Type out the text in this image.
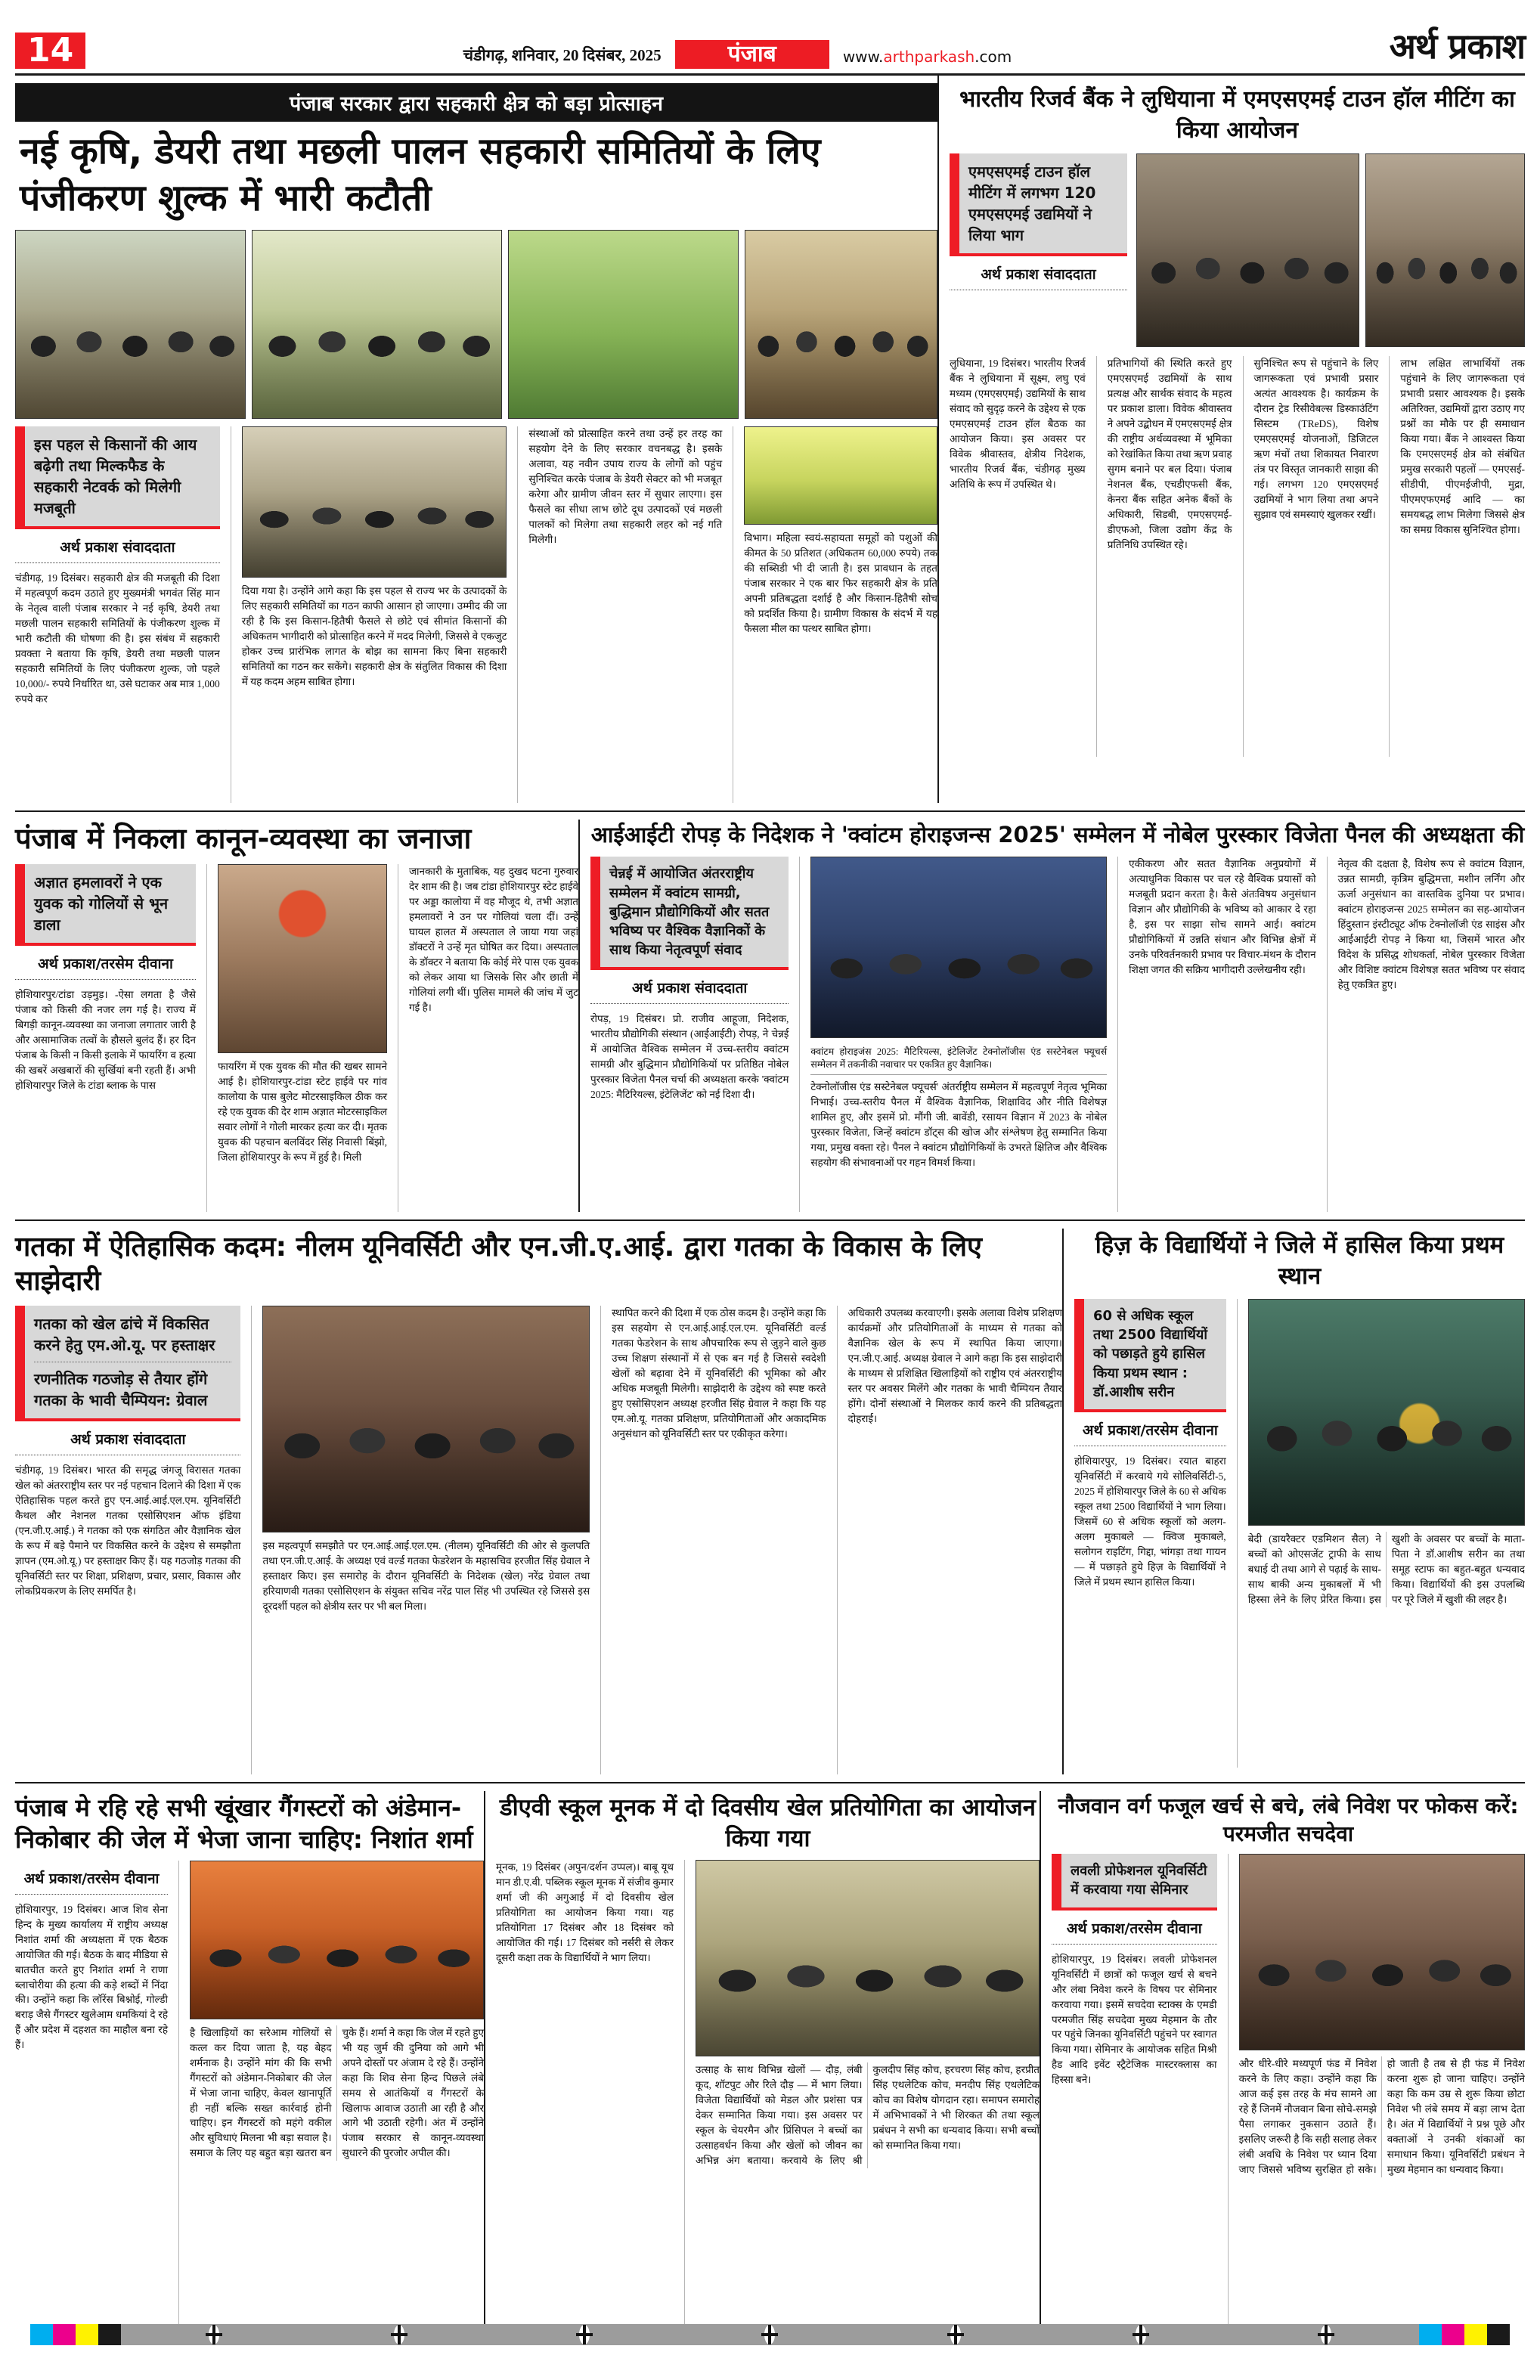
14	चंडीगढ़, शनिवार, 20 दिसंबर, 2025	पंजाब	www.arthparkash.com	अर्थ प्रकाश
पंजाब सरकार द्वारा सहकारी क्षेत्र को बड़ा प्रोत्साहन
नई कृषि, डेयरी तथा मछली पालन सहकारी समितियों के लिए पंजीकरण शुल्क में भारी कटौती
इस पहल से किसानों की आय बढ़ेगी तथा मिल्कफैड के सहकारी नेटवर्क को मिलेगी मजबूती
अर्थ प्रकाश संवाददाता
चंडीगढ़, 19 दिसंबर। सहकारी क्षेत्र की मजबूती की दिशा में महत्वपूर्ण कदम उठाते हुए मुख्यमंत्री भगवंत सिंह मान के नेतृत्व वाली पंजाब सरकार ने नई कृषि, डेयरी तथा मछली पालन सहकारी समितियों के पंजीकरण शुल्क में भारी कटौती की घोषणा की है। इस संबंध में सहकारी प्रवक्ता ने बताया कि कृषि, डेयरी तथा मछली पालन सहकारी समितियों के लिए पंजीकरण शुल्क, जो पहले 10,000/- रुपये निर्धारित था, उसे घटाकर अब मात्र 1,000 रुपये कर
दिया गया है। उन्होंने आगे कहा कि इस पहल से राज्य भर के उत्पादकों के लिए सहकारी समितियों का गठन काफी आसान हो जाएगा। उम्मीद की जा रही है कि इस किसान-हितैषी फैसले से छोटे एवं सीमांत किसानों की अधिकतम भागीदारी को प्रोत्साहित करने में मदद मिलेगी, जिससे वे एकजुट होकर उच्च प्रारंभिक लागत के बोझ का सामना किए बिना सहकारी समितियों का गठन कर सकेंगे। सहकारी क्षेत्र के संतुलित विकास की दिशा में यह कदम अहम साबित होगा।
संस्थाओं को प्रोत्साहित करने तथा उन्हें हर तरह का सहयोग देने के लिए सरकार वचनबद्ध है। इसके अलावा, यह नवीन उपाय राज्य के लोगों को पहुंच सुनिश्चित करके पंजाब के डेयरी सेक्टर को भी मजबूत करेगा और ग्रामीण जीवन स्तर में सुधार लाएगा। इस फैसले का सीधा लाभ छोटे दूध उत्पादकों एवं मछली पालकों को मिलेगा तथा सहकारी लहर को नई गति मिलेगी।	विभाग। महिला स्वयं-सहायता समूहों को पशुओं की कीमत के 50 प्रतिशत (अधिकतम 60,000 रुपये) तक की सब्सिडी भी दी जाती है। इस प्रावधान के तहत पंजाब सरकार ने एक बार फिर सहकारी क्षेत्र के प्रति अपनी प्रतिबद्धता दर्शाई है और किसान-हितैषी सोच को प्रदर्शित किया है। ग्रामीण विकास के संदर्भ में यह फैसला मील का पत्थर साबित होगा।
भारतीय रिजर्व बैंक ने लुधियाना में एमएसएमई टाउन हॉल मीटिंग का किया आयोजन
एमएसएमई टाउन हॉल मीटिंग में लगभग 120 एमएसएमई उद्यमियों ने लिया भाग
अर्थ प्रकाश संवाददाता
लुधियाना, 19 दिसंबर। भारतीय रिजर्व बैंक ने लुधियाना में सूक्ष्म, लघु एवं मध्यम (एमएसएमई) उद्यमियों के साथ संवाद को सुदृढ़ करने के उद्देश्य से एक एमएसएमई टाउन हॉल बैठक का आयोजन किया। इस अवसर पर विवेक श्रीवास्तव, क्षेत्रीय निदेशक, भारतीय रिजर्व बैंक, चंडीगढ़ मुख्य अतिथि के रूप में उपस्थित थे।
प्रतिभागियों की स्थिति करते हुए एमएसएमई उद्यमियों के साथ प्रत्यक्ष और सार्थक संवाद के महत्व पर प्रकाश डाला। विवेक श्रीवास्तव ने अपने उद्बोधन में एमएसएमई क्षेत्र की राष्ट्रीय अर्थव्यवस्था में भूमिका को रेखांकित किया तथा ऋण प्रवाह सुगम बनाने पर बल दिया। पंजाब नेशनल बैंक, एचडीएफसी बैंक, केनरा बैंक सहित अनेक बैंकों के अधिकारी, सिडबी, एमएसएमई-डीएफओ, जिला उद्योग केंद्र के प्रतिनिधि उपस्थित रहे।
सुनिश्चित रूप से पहुंचाने के लिए जागरूकता एवं प्रभावी प्रसार अत्यंत आवश्यक है। कार्यक्रम के दौरान ट्रेड रिसीवेबल्स डिस्काउंटिंग सिस्टम (TReDS), विशेष एमएसएमई योजनाओं, डिजिटल ऋण मंचों तथा शिकायत निवारण तंत्र पर विस्तृत जानकारी साझा की गई। लगभग 120 एमएसएमई उद्यमियों ने भाग लिया तथा अपने सुझाव एवं समस्याएं खुलकर रखीं।
लाभ लक्षित लाभार्थियों तक पहुंचाने के लिए जागरूकता एवं प्रभावी प्रसार आवश्यक है। इसके अतिरिक्त, उद्यमियों द्वारा उठाए गए प्रश्नों का मौके पर ही समाधान किया गया। बैंक ने आश्वस्त किया कि एमएसएमई क्षेत्र को संबंधित प्रमुख सरकारी पहलों — एमएसई-सीडीपी, पीएमईजीपी, मुद्रा, पीएमएफएमई आदि — का समयबद्ध लाभ मिलेगा जिससे क्षेत्र का समग्र विकास सुनिश्चित होगा।
पंजाब में निकला कानून-व्यवस्था का जनाजा
अज्ञात हमलावरों ने एक युवक को गोलियों से भून डाला
अर्थ प्रकाश/तरसेम दीवाना
होशियारपुर/टांडा उड़मुड़। -ऐसा लगता है जैसे पंजाब को किसी की नजर लग गई है। राज्य में बिगड़ी कानून-व्यवस्था का जनाजा लगातार जारी है और असामाजिक तत्वों के हौसले बुलंद हैं। हर दिन पंजाब के किसी न किसी इलाके में फायरिंग व हत्या की खबरें अखबारों की सुर्खियां बनी रहती हैं। अभी होशियारपुर जिले के टांडा ब्लाक के पास
फायरिंग में एक युवक की मौत की खबर सामने आई है। होशियारपुर-टांडा स्टेट हाईवे पर गांव कालोया के पास बुलेट मोटरसाइकिल ठीक कर रहे एक युवक की देर शाम अज्ञात मोटरसाइकिल सवार लोगों ने गोली मारकर हत्या कर दी। मृतक युवक की पहचान बलविंदर सिंह निवासी बिंझो, जिला होशियारपुर के रूप में हुई है। मिली
जानकारी के मुताबिक, यह दुखद घटना गुरुवार देर शाम की है। जब टांडा होशियारपुर स्टेट हाईवे पर अड्डा कालोया में वह मौजूद थे, तभी अज्ञात हमलावरों ने उन पर गोलियां चला दीं। उन्हें घायल हालत में अस्पताल ले जाया गया जहां डॉक्टरों ने उन्हें मृत घोषित कर दिया। अस्पताल के डॉक्टर ने बताया कि कोई मेरे पास एक युवक को लेकर आया था जिसके सिर और छाती में गोलियां लगी थीं। पुलिस मामले की जांच में जुट गई है।
आईआईटी रोपड़ के निदेशक ने 'क्वांटम होराइजन्स 2025' सम्मेलन में नोबेल पुरस्कार विजेता पैनल की अध्यक्षता की
चेन्नई में आयोजित अंतरराष्ट्रीय सम्मेलन में क्वांटम सामग्री, बुद्धिमान प्रौद्योगिकियों और सतत भविष्य पर वैश्विक वैज्ञानिकों के साथ किया नेतृत्वपूर्ण संवाद
अर्थ प्रकाश संवाददाता
रोपड़, 19 दिसंबर। प्रो. राजीव आहूजा, निदेशक, भारतीय प्रौद्योगिकी संस्थान (आईआईटी) रोपड़, ने चेन्नई में आयोजित वैश्विक सम्मेलन में उच्च-स्तरीय क्वांटम सामग्री और बुद्धिमान प्रौद्योगिकियों पर प्रतिष्ठित नोबेल पुरस्कार विजेता पैनल चर्चा की अध्यक्षता करके 'क्वांटम 2025: मैटिरियल्स, इंटेलिजेंट' को नई दिशा दी।
क्वांटम होराइजंस 2025: मैटिरियल्स, इंटेलिजेंट टेक्नोलॉजीस एंड सस्टेनेबल फ्यूचर्स सम्मेलन में तकनीकी नवाचार पर एकत्रित हुए वैज्ञानिक।
टेक्नोलॉजीस एंड सस्टेनेबल फ्यूचर्स' अंतर्राष्ट्रीय सम्मेलन में महत्वपूर्ण नेतृत्व भूमिका निभाई। उच्च-स्तरीय पैनल में वैश्विक वैज्ञानिक, शिक्षाविद और नीति विशेषज्ञ शामिल हुए, और इसमें प्रो. मौंगी जी. बावेंडी, रसायन विज्ञान में 2023 के नोबेल पुरस्कार विजेता, जिन्हें क्वांटम डॉट्स की खोज और संश्लेषण हेतु सम्मानित किया गया, प्रमुख वक्ता रहे। पैनल ने क्वांटम प्रौद्योगिकियों के उभरते क्षितिज और वैश्विक सहयोग की संभावनाओं पर गहन विमर्श किया।
एकीकरण और सतत वैज्ञानिक अनुप्रयोगों में अत्याधुनिक विकास पर चल रहे वैश्विक प्रयासों को मजबूती प्रदान करता है। कैसे अंतःविषय अनुसंधान विज्ञान और प्रौद्योगिकी के भविष्य को आकार दे रहा है, इस पर साझा सोच सामने आई। क्वांटम प्रौद्योगिकियों में उन्नति संधान और विभिन्न क्षेत्रों में उनके परिवर्तनकारी प्रभाव पर विचार-मंथन के दौरान शिक्षा जगत की सक्रिय भागीदारी उल्लेखनीय रही।
नेतृत्व की दक्षता है, विशेष रूप से क्वांटम विज्ञान, उन्नत सामग्री, कृत्रिम बुद्धिमत्ता, मशीन लर्निंग और ऊर्जा अनुसंधान का वास्तविक दुनिया पर प्रभाव। क्वांटम होराइजन्स 2025 सम्मेलन का सह-आयोजन हिंदुस्तान इंस्टीट्यूट ऑफ टेक्नोलॉजी एंड साइंस और आईआईटी रोपड़ ने किया था, जिसमें भारत और विदेश के प्रसिद्ध शोधकर्ता, नोबेल पुरस्कार विजेता और विशिष्ट क्वांटम विशेषज्ञ सतत भविष्य पर संवाद हेतु एकत्रित हुए।
गतका में ऐतिहासिक कदम: नीलम यूनिवर्सिटी और एन.जी.ए.आई. द्वारा गतका के विकास के लिए साझेदारी
गतका को खेल ढांचे में विकसित करने हेतु एम.ओ.यू. पर हस्ताक्षर
रणनीतिक गठजोड़ से तैयार होंगे गतका के भावी चैम्पियन: ग्रेवाल
अर्थ प्रकाश संवाददाता
चंडीगढ़, 19 दिसंबर। भारत की समृद्ध जंगजू विरासत गतका खेल को अंतरराष्ट्रीय स्तर पर नई पहचान दिलाने की दिशा में एक ऐतिहासिक पहल करते हुए एन.आई.आई.एल.एम. यूनिवर्सिटी कैथल और नेशनल गतका एसोसिएशन ऑफ इंडिया (एन.जी.ए.आई.) ने गतका को एक संगठित और वैज्ञानिक खेल के रूप में बड़े पैमाने पर विकसित करने के उद्देश्य से समझौता ज्ञापन (एम.ओ.यू.) पर हस्ताक्षर किए हैं। यह गठजोड़ गतका की यूनिवर्सिटी स्तर पर शिक्षा, प्रशिक्षण, प्रचार, प्रसार, विकास और लोकप्रियकरण के लिए समर्पित है।
इस महत्वपूर्ण समझौते पर एन.आई.आई.एल.एम. (नीलम) यूनिवर्सिटी की ओर से कुलपति तथा एन.जी.ए.आई. के अध्यक्ष एवं वर्ल्ड गतका फेडरेशन के महासचिव हरजीत सिंह ग्रेवाल ने हस्ताक्षर किए। इस समारोह के दौरान यूनिवर्सिटी के निदेशक (खेल) नरेंद्र ग्रेवाल तथा हरियाणवी गतका एसोसिएशन के संयुक्त सचिव नरेंद्र पाल सिंह भी उपस्थित रहे जिससे इस दूरदर्शी पहल को क्षेत्रीय स्तर पर भी बल मिला।
स्थापित करने की दिशा में एक ठोस कदम है। उन्होंने कहा कि इस सहयोग से एन.आई.आई.एल.एम. यूनिवर्सिटी वर्ल्ड गतका फेडरेशन के साथ औपचारिक रूप से जुड़ने वाले कुछ उच्च शिक्षण संस्थानों में से एक बन गई है जिससे स्वदेशी खेलों को बढ़ावा देने में यूनिवर्सिटी की भूमिका को और अधिक मजबूती मिलेगी। साझेदारी के उद्देश्य को स्पष्ट करते हुए एसोसिएशन अध्यक्ष हरजीत सिंह ग्रेवाल ने कहा कि यह एम.ओ.यू. गतका प्रशिक्षण, प्रतियोगिताओं और अकादमिक अनुसंधान को यूनिवर्सिटी स्तर पर एकीकृत करेगा।
अधिकारी उपलब्ध करवाएगी। इसके अलावा विशेष प्रशिक्षण कार्यक्रमों और प्रतियोगिताओं के माध्यम से गतका को वैज्ञानिक खेल के रूप में स्थापित किया जाएगा। एन.जी.ए.आई. अध्यक्ष ग्रेवाल ने आगे कहा कि इस साझेदारी के माध्यम से प्रशिक्षित खिलाड़ियों को राष्ट्रीय एवं अंतरराष्ट्रीय स्तर पर अवसर मिलेंगे और गतका के भावी चैम्पियन तैयार होंगे। दोनों संस्थाओं ने मिलकर कार्य करने की प्रतिबद्धता दोहराई।
हिज़ के विद्यार्थियों ने जिले में हासिल किया प्रथम स्थान
60 से अधिक स्कूल तथा 2500 विद्यार्थियों को पछाड़ते हुये हासिल किया प्रथम स्थान : डॉ.आशीष सरीन
अर्थ प्रकाश/तरसेम दीवाना
होशियारपुर, 19 दिसंबर। रयात बाहरा यूनिवर्सिटी में करवाये गये सोलिवर्सिटी-5, 2025 में होशियारपुर जिले के 60 से अधिक स्कूल तथा 2500 विद्यार्थियों ने भाग लिया। जिसमें 60 से अधिक स्कूलों को अलग-अलग मुकाबले — क्विज मुकाबले, सलोगन राइटिंग, गिद्दा, भांगड़ा तथा गायन — में पछाड़ते हुये हिज़ के विद्यार्थियों ने जिले में प्रथम स्थान हासिल किया।
बेदी (डायरैक्टर एडमिशन सैल) ने बच्चों को ओएसजेंट ट्राफी के साथ बधाई दी तथा आगे से पढ़ाई के साथ-साथ बाकी अन्य मुकाबलों में भी हिस्सा लेने के लिए प्रेरित किया। इस खुशी के अवसर पर बच्चों के माता-पिता ने डॉ.आशीष सरीन का तथा समूह स्टाफ का बहुत-बहुत धन्यवाद किया। विद्यार्थियों की इस उपलब्धि पर पूरे जिले में खुशी की लहर है।
पंजाब मे रहि रहे सभी खूंखार गैंगस्टरों को अंडेमान-निकोबार की जेल में भेजा जाना चाहिए: निशांत शर्मा
अर्थ प्रकाश/तरसेम दीवाना
होशियारपुर, 19 दिसंबर। आज शिव सेना हिन्द के मुख्य कार्यालय में राष्ट्रीय अध्यक्ष निशांत शर्मा की अध्यक्षता में एक बैठक आयोजित की गई। बैठक के बाद मीडिया से बातचीत करते हुए निशांत शर्मा ने राणा ब्लाचोरीया की हत्या की कड़े शब्दों में निंदा की। उन्होंने कहा कि लॉरेंस बिश्नोई, गोल्डी बराड़ जैसे गैंगस्टर खुलेआम धमकियां दे रहे हैं और प्रदेश में दहशत का माहौल बना रहे हैं।
है खिलाड़ियों का सरेआम गोलियों से कत्ल कर दिया जाता है, यह बेहद शर्मनाक है। उन्होंने मांग की कि सभी गैंगस्टरों को अंडेमान-निकोबार की जेल में भेजा जाना चाहिए, केवल खानापूर्ति ही नहीं बल्कि सख्त कार्रवाई होनी चाहिए। इन गैंगस्टरों को महंगे वकील और सुविधाएं मिलना भी बड़ा सवाल है। समाज के लिए यह बहुत बड़ा खतरा बन चुके हैं। शर्मा ने कहा कि जेल में रहते हुए भी यह जुर्म की दुनिया को आगे भी अपने दोस्तों पर अंजाम दे रहे हैं। उन्होंने कहा कि शिव सेना हिन्द पिछले लंबे समय से आतंकियों व गैंगस्टरों के खिलाफ आवाज उठाती आ रही है और आगे भी उठाती रहेगी। अंत में उन्होंने पंजाब सरकार से कानून-व्यवस्था सुधारने की पुरजोर अपील की।
डीएवी स्कूल मूनक में दो दिवसीय खेल प्रतियोगिता का आयोजन किया गया
मूनक, 19 दिसंबर (अपुन/दर्शन उप्पल)। बाबू यूथ मान डी.ए.वी. पब्लिक स्कूल मूनक में संजीव कुमार शर्मा जी की अगुआई में दो दिवसीय खेल प्रतियोगिता का आयोजन किया गया। यह प्रतियोगिता 17 दिसंबर और 18 दिसंबर को आयोजित की गई। 17 दिसंबर को नर्सरी से लेकर दूसरी कक्षा तक के विद्यार्थियों ने भाग लिया।
उत्साह के साथ विभिन्न खेलों — दौड़, लंबी कूद, शॉटपुट और रिले दौड़ — में भाग लिया। विजेता विद्यार्थियों को मेडल और प्रशंसा पत्र देकर सम्मानित किया गया। इस अवसर पर स्कूल के चेयरमैन और प्रिंसिपल ने बच्चों का उत्साहवर्धन किया और खेलों को जीवन का अभिन्न अंग बताया। करवाये के लिए श्री कुलदीप सिंह कोच, हरचरण सिंह कोच, हरप्रीत सिंह एथलेटिक कोच, मनदीप सिंह एथलेटिक कोच का विशेष योगदान रहा। समापन समारोह में अभिभावकों ने भी शिरकत की तथा स्कूल प्रबंधन ने सभी का धन्यवाद किया। सभी बच्चों को सम्मानित किया गया।
नौजवान वर्ग फजूल खर्च से बचे, लंबे निवेश पर फोकस करें: परमजीत सचदेवा
लवली प्रोफेशनल यूनिवर्सिटी में करवाया गया सेमिनार
अर्थ प्रकाश/तरसेम दीवाना
होशियारपुर, 19 दिसंबर। लवली प्रोफेशनल यूनिवर्सिटी में छात्रों को फजूल खर्च से बचने और लंबा निवेश करने के विषय पर सेमिनार करवाया गया। इसमें सचदेवा स्टाक्स के एमडी परमजीत सिंह सचदेवा मुख्य मेहमान के तौर पर पहुंचे जिनका यूनिवर्सिटी पहुंचने पर स्वागत किया गया। सेमिनार के आयोजक सहित मिश्री हैड आदि इवेंट स्ट्रैटेजिक मास्टरक्लास का हिस्सा बने।
और धीरे-धीरे मध्यपूर्ण फंड में निवेश करने के लिए कहा। उन्होंने कहा कि आज कई इस तरह के मंच सामने आ रहे हैं जिनमें नौजवान बिना सोचे-समझे पैसा लगाकर नुकसान उठाते हैं। इसलिए जरूरी है कि सही सलाह लेकर लंबी अवधि के निवेश पर ध्यान दिया जाए जिससे भविष्य सुरक्षित हो सके। हो जाती है तब से ही फंड में निवेश करना शुरू हो जाना चाहिए। उन्होंने कहा कि कम उम्र से शुरू किया छोटा निवेश भी लंबे समय में बड़ा लाभ देता है। अंत में विद्यार्थियों ने प्रश्न पूछे और वक्ताओं ने उनकी शंकाओं का समाधान किया। यूनिवर्सिटी प्रबंधन ने मुख्य मेहमान का धन्यवाद किया।
